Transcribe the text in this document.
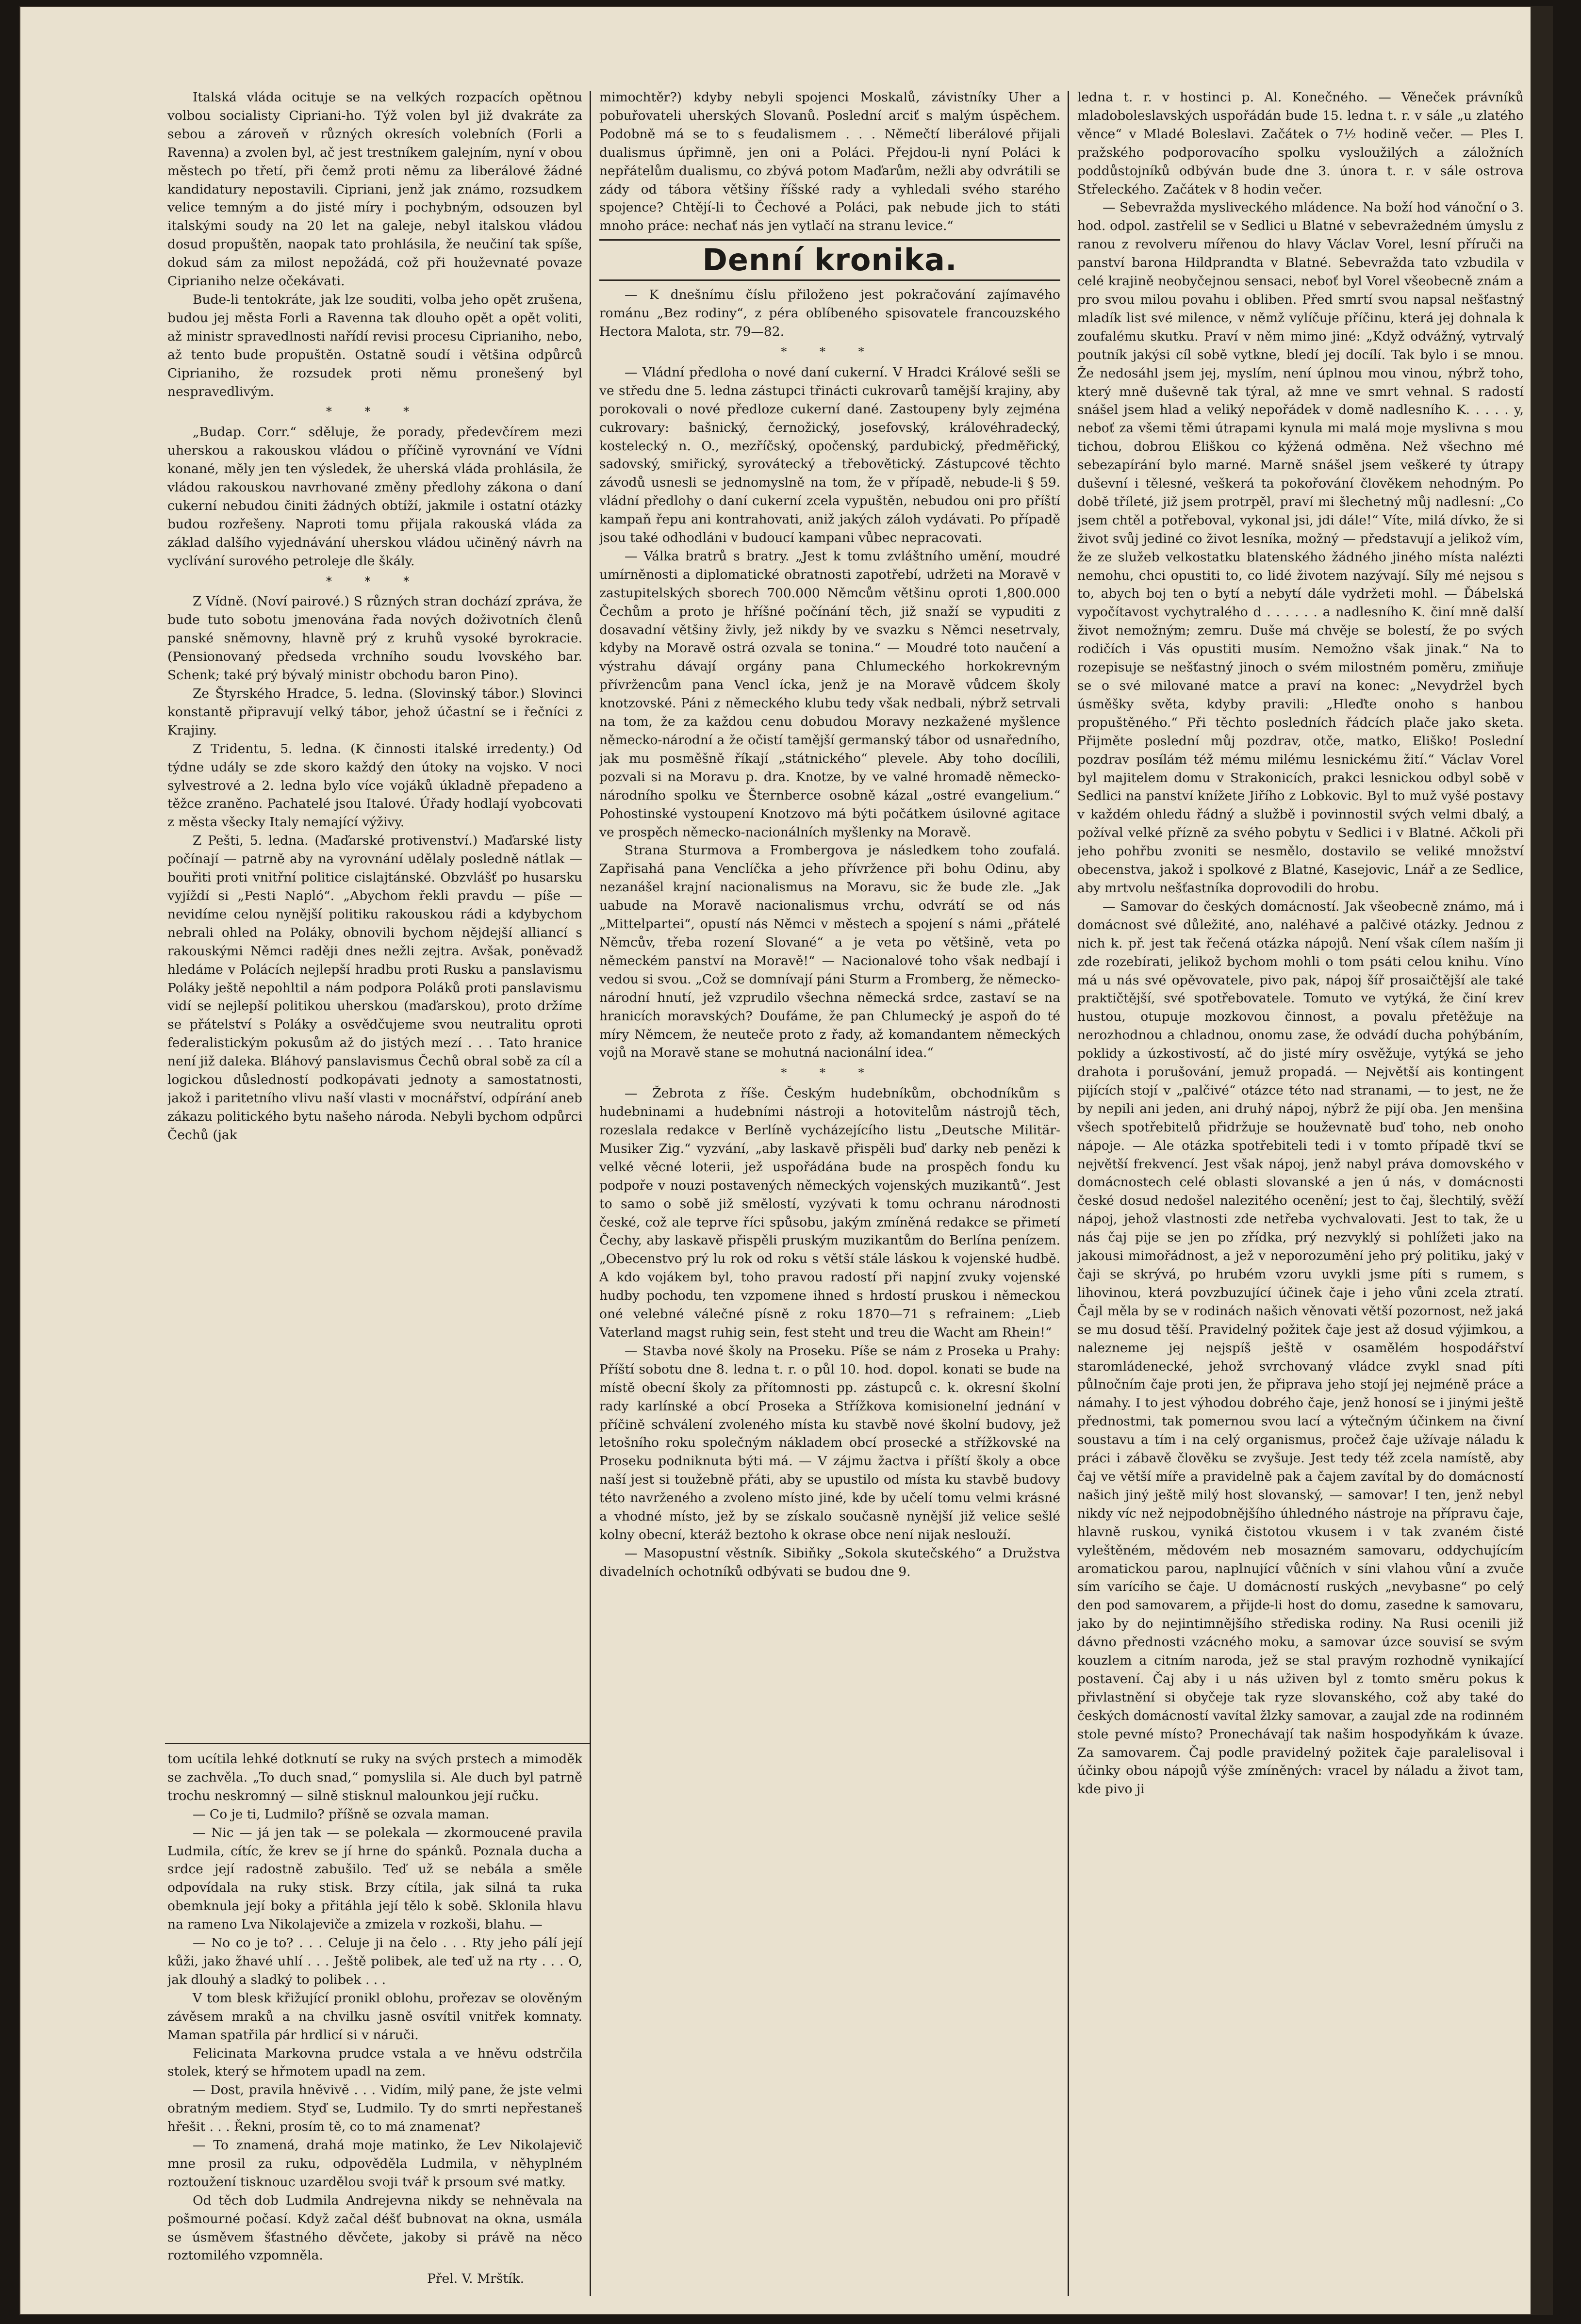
Italská vláda ocituje se na velkých rozpacích opětnou volbou socialisty Cipriani-ho. Týž volen byl již dvakráte za sebou a zároveň v různých okresích volebních (Forli a Ravenna) a zvolen byl, ač jest trestníkem galejním, nyní v obou městech po třetí, při čemž proti němu za liberálové žádné kandidatury nepostavili. Cipriani, jenž jak známo, rozsudkem velice temným a do jisté míry i pochybným, odsouzen byl italskými soudy na 20 let na galeje, nebyl italskou vládou dosud propuštěn, naopak tato prohlásila, že neučiní tak spíše, dokud sám za milost nepožádá, což při houževnaté povaze Ciprianiho nelze očekávati.

Bude-li tentokráte, jak lze souditi, volba jeho opět zrušena, budou jej města Forli a Ravenna tak dlouho opět a opět voliti, až ministr spravedlnosti nařídí revisi procesu Ciprianiho, nebo, až tento bude propuštěn. Ostatně soudí i většina odpůrců Ciprianiho, že rozsudek proti němu pronešený byl nespravedlivým.

* * *

„Budap. Corr.“ sděluje, že porady, předevčírem mezi uherskou a rakouskou vládou o příčině vyrovnání ve Vídni konané, měly jen ten výsledek, že uherská vláda prohlásila, že vládou rakouskou navrhované změny předlohy zákona o daní cukerní nebudou činiti žádných obtíží, jakmile i ostatní otázky budou rozřešeny. Naproti tomu přijala rakouská vláda za základ dalšího vyjednávání uherskou vládou učiněný návrh na vyclívání surového petroleje dle škály.

* * *

Z Vídně. (Noví pairové.) S různých stran dochází zpráva, že bude tuto sobotu jmenována řada nových doživotních členů panské sněmovny, hlavně prý z kruhů vysoké byrokracie. (Pensionovaný předseda vrchního soudu lvovského bar. Schenk; také prý bývalý ministr obchodu baron Pino).

Ze Štyrského Hradce, 5. ledna. (Slovinský tábor.) Slovinci konstantě připravují velký tábor, jehož účastní se i řečníci z Krajiny.

Z Tridentu, 5. ledna. (K činnosti italské irredenty.) Od týdne udály se zde skoro každý den útoky na vojsko. V noci sylvestrové a 2. ledna bylo více vojáků úkladně přepadeno a těžce zraněno. Pachatelé jsou Italové. Úřady hodlají vyobcovati z města všecky Italy nemající výživy.

Z Pešti, 5. ledna. (Maďarské protivenství.) Maďarské listy počínají — patrně aby na vyrovnání udělaly posledně nátlak — bouřiti proti vnitřní politice cislajtánské. Obzvlášť po husarsku vyjíždí si „Pesti Napló“. „Abychom řekli pravdu — píše — nevidíme celou nynější politiku rakouskou rádi a kdybychom nebrali ohled na Poláky, obnovili bychom nějdejší alliancí s rakouskými Němci raději dnes nežli zejtra. Avšak, poněvadž hledáme v Polácích nejlepší hradbu proti Rusku a panslavismu Poláky ještě nepohltil a nám podpora Poláků proti panslavismu vidí se nejlepší politikou uherskou (maďarskou), proto držíme se přátelství s Poláky a osvědčujeme svou neutralitu oproti federalistickým pokusům až do jistých mezí . . . Tato hranice není již daleka. Bláhový panslavismus Čechů obral sobě za cíl a logickou důsledností podkopávati jednoty a samostatnosti, jakož i paritetního vlivu naší vlasti v mocnářství, odpírání aneb zákazu politického bytu našeho národa. Nebyli bychom odpůrci Čechů (jak

tom ucítila lehké dotknutí se ruky na svých prstech a mimoděk se zachvěla. „To duch snad,“ pomyslila si. Ale duch byl patrně trochu neskromný — silně stisknul malounkou její ručku.

— Co je ti, Ludmilo? příšně se ozvala maman.

— Nic — já jen tak — se polekala — zkormoucené pravila Ludmila, cítíc, že krev se jí hrne do spánků. Poznala ducha a srdce její radostně zabušilo. Teď už se nebála a směle odpovídala na ruky stisk. Brzy cítila, jak silná ta ruka obemknula její boky a přitáhla její tělo k sobě. Sklonila hlavu na rameno Lva Nikolajeviče a zmizela v rozkoši, blahu. —

— No co je to? . . . Celuje ji na čelo . . . Rty jeho pálí její kůži, jako žhavé uhlí . . . Ještě polibek, ale teď už na rty . . . O, jak dlouhý a sladký to polibek . . .

V tom blesk křižující pronikl oblohu, prořezav se olověným závěsem mraků a na chvilku jasně osvítil vnitřek komnaty. Maman spatřila pár hrdlicí si v náruči.

Felicinata Markovna prudce vstala a ve hněvu odstrčila stolek, který se hřmotem upadl na zem.

— Dost, pravila hněvivě . . . Vidím, milý pane, že jste velmi obratným mediem. Styď se, Ludmilo. Ty do smrti nepřestaneš hřešit . . . Řekni, prosím tě, co to má znamenat?

— To znamená, drahá moje matinko, že Lev Nikolajevič mne prosil za ruku, odpověděla Ludmila, v něhyplném roztoužení tisknouc uzardělou svoji tvář k prsoum své matky.

Od těch dob Ludmila Andrejevna nikdy se nehněvala na pošmourné počasí. Když začal déšť bubnovat na okna, usmála se úsměvem šťastného děvčete, jakoby si právě na něco roztomilého vzpomněla.

Přel. V. Mrštík.

mimochtěr?) kdyby nebyli spojenci Moskalů, závistníky Uher a pobuřovateli uherských Slovanů. Poslední arciť s malým úspěchem. Podobně má se to s feudalismem . . . Němečtí liberálové přijali dualismus úpřimně, jen oni a Poláci. Přejdou-li nyní Poláci k nepřátelům dualismu, co zbývá potom Maďarům, nežli aby odvrátili se zády od tábora většiny říšské rady a vyhledali svého starého spojence? Chtějí-li to Čechové a Poláci, pak nebude jich to státi mnoho práce: nechať nás jen vytlačí na stranu levice.“

Denní kronika.

— K dnešnímu číslu přiloženo jest pokračování zajímavého románu „Bez rodiny“, z péra oblíbeného spisovatele francouzského Hectora Malota, str. 79—82.

* * *

— Vládní předloha o nové daní cukerní. V Hradci Králové sešli se ve středu dne 5. ledna zástupci třinácti cukrovarů tamější krajiny, aby porokovali o nové předloze cukerní dané. Zastoupeny byly zejména cukrovary: bašnický, černožický, josefovský, královéhradecký, kostelecký n. O., mezříčský, opočenský, pardubický, předměřický, sadovský, smiřický, syrovátecký a třebovětický. Zástupcové těchto závodů usnesli se jednomyslně na tom, že v případě, nebude-li § 59. vládní předlohy o daní cukerní zcela vypuštěn, nebudou oni pro příští kampaň řepu ani kontrahovati, aniž jakých záloh vydávati. Po případě jsou také odhodláni v budoucí kampani vůbec nepracovati.

— Válka bratrů s bratry. „Jest k tomu zvláštního umění, moudré umírněnosti a diplomatické obratnosti zapotřebí, udržeti na Moravě v zastupitelských sborech 700.000 Němcům většinu oproti 1,800.000 Čechům a proto je hříšné počínání těch, již snaží se vypuditi z dosavadní většiny živly, jež nikdy by ve svazku s Němci nesetrvaly, kdyby na Moravě ostrá ozvala se tonina.“ — Moudré toto naučení a výstrahu dávají orgány pana Chlumeckého horkokrevným přívržencům pana Vencl ícka, jenž je na Moravě vůdcem školy knotzovské. Páni z německého klubu tedy však nedbali, nýbrž setrvali na tom, že za každou cenu dobudou Moravy nezkažené myšlence německo-národní a že očistí tamější germanský tábor od usnaředního, jak mu posměšně říkají „státnického“ plevele. Aby toho docílili, pozvali si na Moravu p. dra. Knotze, by ve valné hromadě německo-národního spolku ve Šternberce osobně kázal „ostré evangelium.“ Pohostinské vystoupení Knotzovo má býti počátkem úsilovné agitace ve prospěch německo-nacionálních myšlenky na Moravě.

Strana Sturmova a Frombergova je následkem toho zoufalá. Zapřisahá pana Venclíčka a jeho přívržence při bohu Odinu, aby nezanášel krajní nacionalismus na Moravu, sic že bude zle. „Jak uabude na Moravě nacionalismus vrchu, odvrátí se od nás „Mittelpartei“, opustí nás Němci v městech a spojení s námi „přátelé Němcův, třeba rození Slované“ a je veta po většině, veta po německém panství na Moravě!“ — Nacionalové toho však nedbají i vedou si svou. „Což se domnívají páni Sturm a Fromberg, že německo-národní hnutí, jež vzprudilo všechna německá srdce, zastaví se na hranicích moravských? Doufáme, že pan Chlumecký je aspoň do té míry Němcem, že neuteče proto z řady, až komandantem německých vojů na Moravě stane se mohutná nacionální idea.“

* * *

— Žebrota z říše. Českým hudebníkům, obchodníkům s hudebninami a hudebními nástroji a hotovitelům nástrojů těch, rozeslala redakce v Berlíně vycházejícího listu „Deutsche Militär-Musiker Zig.“ vyzvání, „aby laskavě přispěli buď darky neb penězi k velké věcné loterii, jež uspořádána bude na prospěch fondu ku podpoře v nouzi postavených německých vojenských muzikantů“. Jest to samo o sobě již smělostí, vyzývati k tomu ochranu národnosti české, což ale teprve říci spůsobu, jakým zmíněná redakce se přimetí Čechy, aby laskavě přispěli pruským muzikantům do Berlína penízem. „Obecenstvo prý lu rok od roku s větší stále láskou k vojenské hudbě. A kdo vojákem byl, toho pravou radostí při napjní zvuky vojenské hudby pochodu, ten vzpomene ihned s hrdostí pruskou i německou oné velebné válečné písně z roku 1870—71 s refrainem: „Lieb Vaterland magst ruhig sein, fest steht und treu die Wacht am Rhein!“

— Stavba nové školy na Proseku. Píše se nám z Proseka u Prahy: Příští sobotu dne 8. ledna t. r. o půl 10. hod. dopol. konati se bude na místě obecní školy za přítomnosti pp. zástupců c. k. okresní školní rady karlínské a obcí Proseka a Střížkova komisionelní jednání v příčině schválení zvoleného místa ku stavbě nové školní budovy, jež letošního roku společným nákladem obcí prosecké a střížkovské na Proseku podniknuta býti má. — V zájmu žactva i příští školy a obce naší jest si toužebně přáti, aby se upustilo od místa ku stavbě budovy této navrženého a zvoleno místo jiné, kde by učelí tomu velmi krásné a vhodné místo, jež by se získalo současně nynější již velice sešlé kolny obecní, kteráž beztoho k okrase obce není nijak neslouží.

— Masopustní věstník. Sibiňky „Sokola skutečského“ a Družstva divadelních ochotníků odbývati se budou dne 9.

ledna t. r. v hostinci p. Al. Konečného. — Věneček právníků mladoboleslavských uspořádán bude 15. ledna t. r. v sále „u zlatého věnce“ v Mladé Boleslavi. Začátek o 7½ hodině večer. — Ples I. pražského podporovacího spolku vysloužilých a záložních poddůstojníků odbýván bude dne 3. února t. r. v sále ostrova Střeleckého. Začátek v 8 hodin večer.

— Sebevražda mysliveckého mládence. Na boží hod vánoční o 3. hod. odpol. zastřelil se v Sedlici u Blatné v sebevražedném úmyslu z ranou z revolveru mířenou do hlavy Václav Vorel, lesní příruči na panství barona Hildprandta v Blatné. Sebevražda tato vzbudila v celé krajině neobyčejnou sensaci, neboť byl Vorel všeobecně znám a pro svou milou povahu i obliben. Před smrtí svou napsal nešťastný mladík list své milence, v němž vylíčuje příčinu, která jej dohnala k zoufalému skutku. Praví v něm mimo jiné: „Když odvážný, vytrvalý poutník jakýsi cíl sobě vytkne, bledí jej docílí. Tak bylo i se mnou. Že nedosáhl jsem jej, myslím, není úplnou mou vinou, nýbrž toho, který mně duševně tak týral, až mne ve smrt vehnal. S radostí snášel jsem hlad a veliký nepořádek v domě nadlesního K. . . . . y, neboť za všemi těmi útrapami kynula mi malá moje myslivna s mou tichou, dobrou Eliškou co kýžená odměna. Než všechno mé sebezapírání bylo marné. Marně snášel jsem veškeré ty útrapy duševní i tělesné, veškerá ta pokořování člověkem nehodným. Po době tříleté, již jsem protrpěl, praví mi šlechetný můj nadlesní: „Co jsem chtěl a potřeboval, vykonal jsi, jdi dále!“ Víte, milá dívko, že si život svůj jediné co život lesníka, možný — představují a jelikož vím, že ze služeb velkostatku blatenského žádného jiného místa nalézti nemohu, chci opustiti to, co lidé životem nazývají. Síly mé nejsou s to, abych boj ten o bytí a nebytí dále vydržeti mohl. — Ďábelská vypočítavost vychytralého d . . . . . . a nadlesního K. činí mně další život nemožným; zemru. Duše má chvěje se bolestí, že po svých rodičích i Vás opustiti musím. Nemožno však jinak.“ Na to rozepisuje se nešťastný jinoch o svém milostném poměru, zmiňuje se o své milované matce a praví na konec: „Nevydržel bych úsměšky světa, kdyby pravili: „Hleďte onoho s hanbou propuštěného.“ Při těchto posledních řádcích plače jako sketa. Přijměte poslední můj pozdrav, otče, matko, Eliško! Poslední pozdrav posílám též mému milému lesnickému žití.“ Václav Vorel byl majitelem domu v Strakonicích, prakci lesnickou odbyl sobě v Sedlici na panství knížete Jiřího z Lobkovic. Byl to muž vyšé postavy v každém ohledu řádný a službě i povinnostil svých velmi dbalý, a požíval velké přízně za svého pobytu v Sedlici i v Blatné. Ačkoli při jeho pohřbu zvoniti se nesmělo, dostavilo se veliké množství obecenstva, jakož i spolkové z Blatné, Kasejovic, Lnář a ze Sedlice, aby mrtvolu nešťastníka doprovodili do hrobu.

— Samovar do českých domácností. Jak všeobecně známo, má i domácnost své důležité, ano, naléhavé a palčivé otázky. Jednou z nich k. př. jest tak řečená otázka nápojů. Není však cílem naším ji zde rozebírati, jelikož bychom mohli o tom psáti celou knihu. Víno má u nás své opěvovatele, pivo pak, nápoj šíř prosaičtější ale také praktičtější, své spotřebovatele. Tomuto ve vytýká, že činí krev hustou, otupuje mozkovou činnost, a povalu přetěžuje na nerozhodnou a chladnou, onomu zase, že odvádí ducha pohýbáním, poklidy a úzkostivostí, ač do jisté míry osvěžuje, vytýká se jeho drahota i porušování, jemuž propadá. — Největší ais kontingent pijících stojí v „palčivé“ otázce této nad stranami, — to jest, ne že by nepili ani jeden, ani druhý nápoj, nýbrž že pijí oba. Jen menšina všech spotřebitelů přidržuje se houževnatě buď toho, neb onoho nápoje. — Ale otázka spotřebiteli tedi i v tomto případě tkví se největší frekvencí. Jest však nápoj, jenž nabyl práva domovského v domácnostech celé oblasti slovanské a jen ú nás, v domácnosti české dosud nedošel nalezitého ocenění; jest to čaj, šlechtilý, svěží nápoj, jehož vlastnosti zde netřeba vychvalovati. Jest to tak, že u nás čaj pije se jen po zřídka, prý nezvyklý si pohlížeti jako na jakousi mimořádnost, a jež v neporozumění jeho prý politiku, jaký v čaji se skrývá, po hrubém vzoru uvykli jsme píti s rumem, s lihovinou, která povzbuzující účinek čaje i jeho vůni zcela ztratí. Čajl měla by se v rodinách našich věnovati větší pozornost, než jaká se mu dosud těší. Pravidelný požitek čaje jest až dosud výjimkou, a nalezneme jej nejspíš ještě v osamělém hospodářství staromládenecké, jehož svrchovaný vládce zvykl snad píti půlnočním čaje proti jen, že připrava jeho stojí jej nejméně práce a námahy. I to jest výhodou dobrého čaje, jenž honosí se i jinými ještě přednostmi, tak pomernou svou lací a výtečným účinkem na čivní soustavu a tím i na celý organismus, pročež čaje užívaje náladu k práci i zábavě člověku se zvyšuje. Jest tedy též zcela namístě, aby čaj ve větší míře a pravidelně pak a čajem zavítal by do domácností našich jiný ještě milý host slovanský, — samovar! I ten, jenž nebyl nikdy víc než nejpodobnějšího úhledného nástroje na přípravu čaje, hlavně ruskou, vyniká čistotou vkusem i v tak zvaném čisté vyleštěném, mědovém neb mosazném samovaru, oddychujícím aromatickou parou, naplnující vůčních v síni vlahou vůní a zvuče sím varícího se čaje. U domácností ruských „nevybasne“ po celý den pod samovarem, a přijde-li host do domu, zasedne k samovaru, jako by do nejintimnějšího střediska rodiny. Na Rusi ocenili již dávno přednosti vzácného moku, a samovar úzce souvisí se svým kouzlem a citním naroda, jež se stal pravým rozhodně vynikající postavení. Čaj aby i u nás uživen byl z tomto směru pokus k přivlastnění si obyčeje tak ryze slovanského, což aby také do českých domácností vavítal žlzky samovar, a zaujal zde na rodinném stole pevné místo? Pronechávají tak našim hospodyňkám k úvaze. Za samovarem. Čaj podle pravidelný požitek čaje paralelisoval i účinky obou nápojů výše zmíněných: vracel by náladu a život tam, kde pivo ji
